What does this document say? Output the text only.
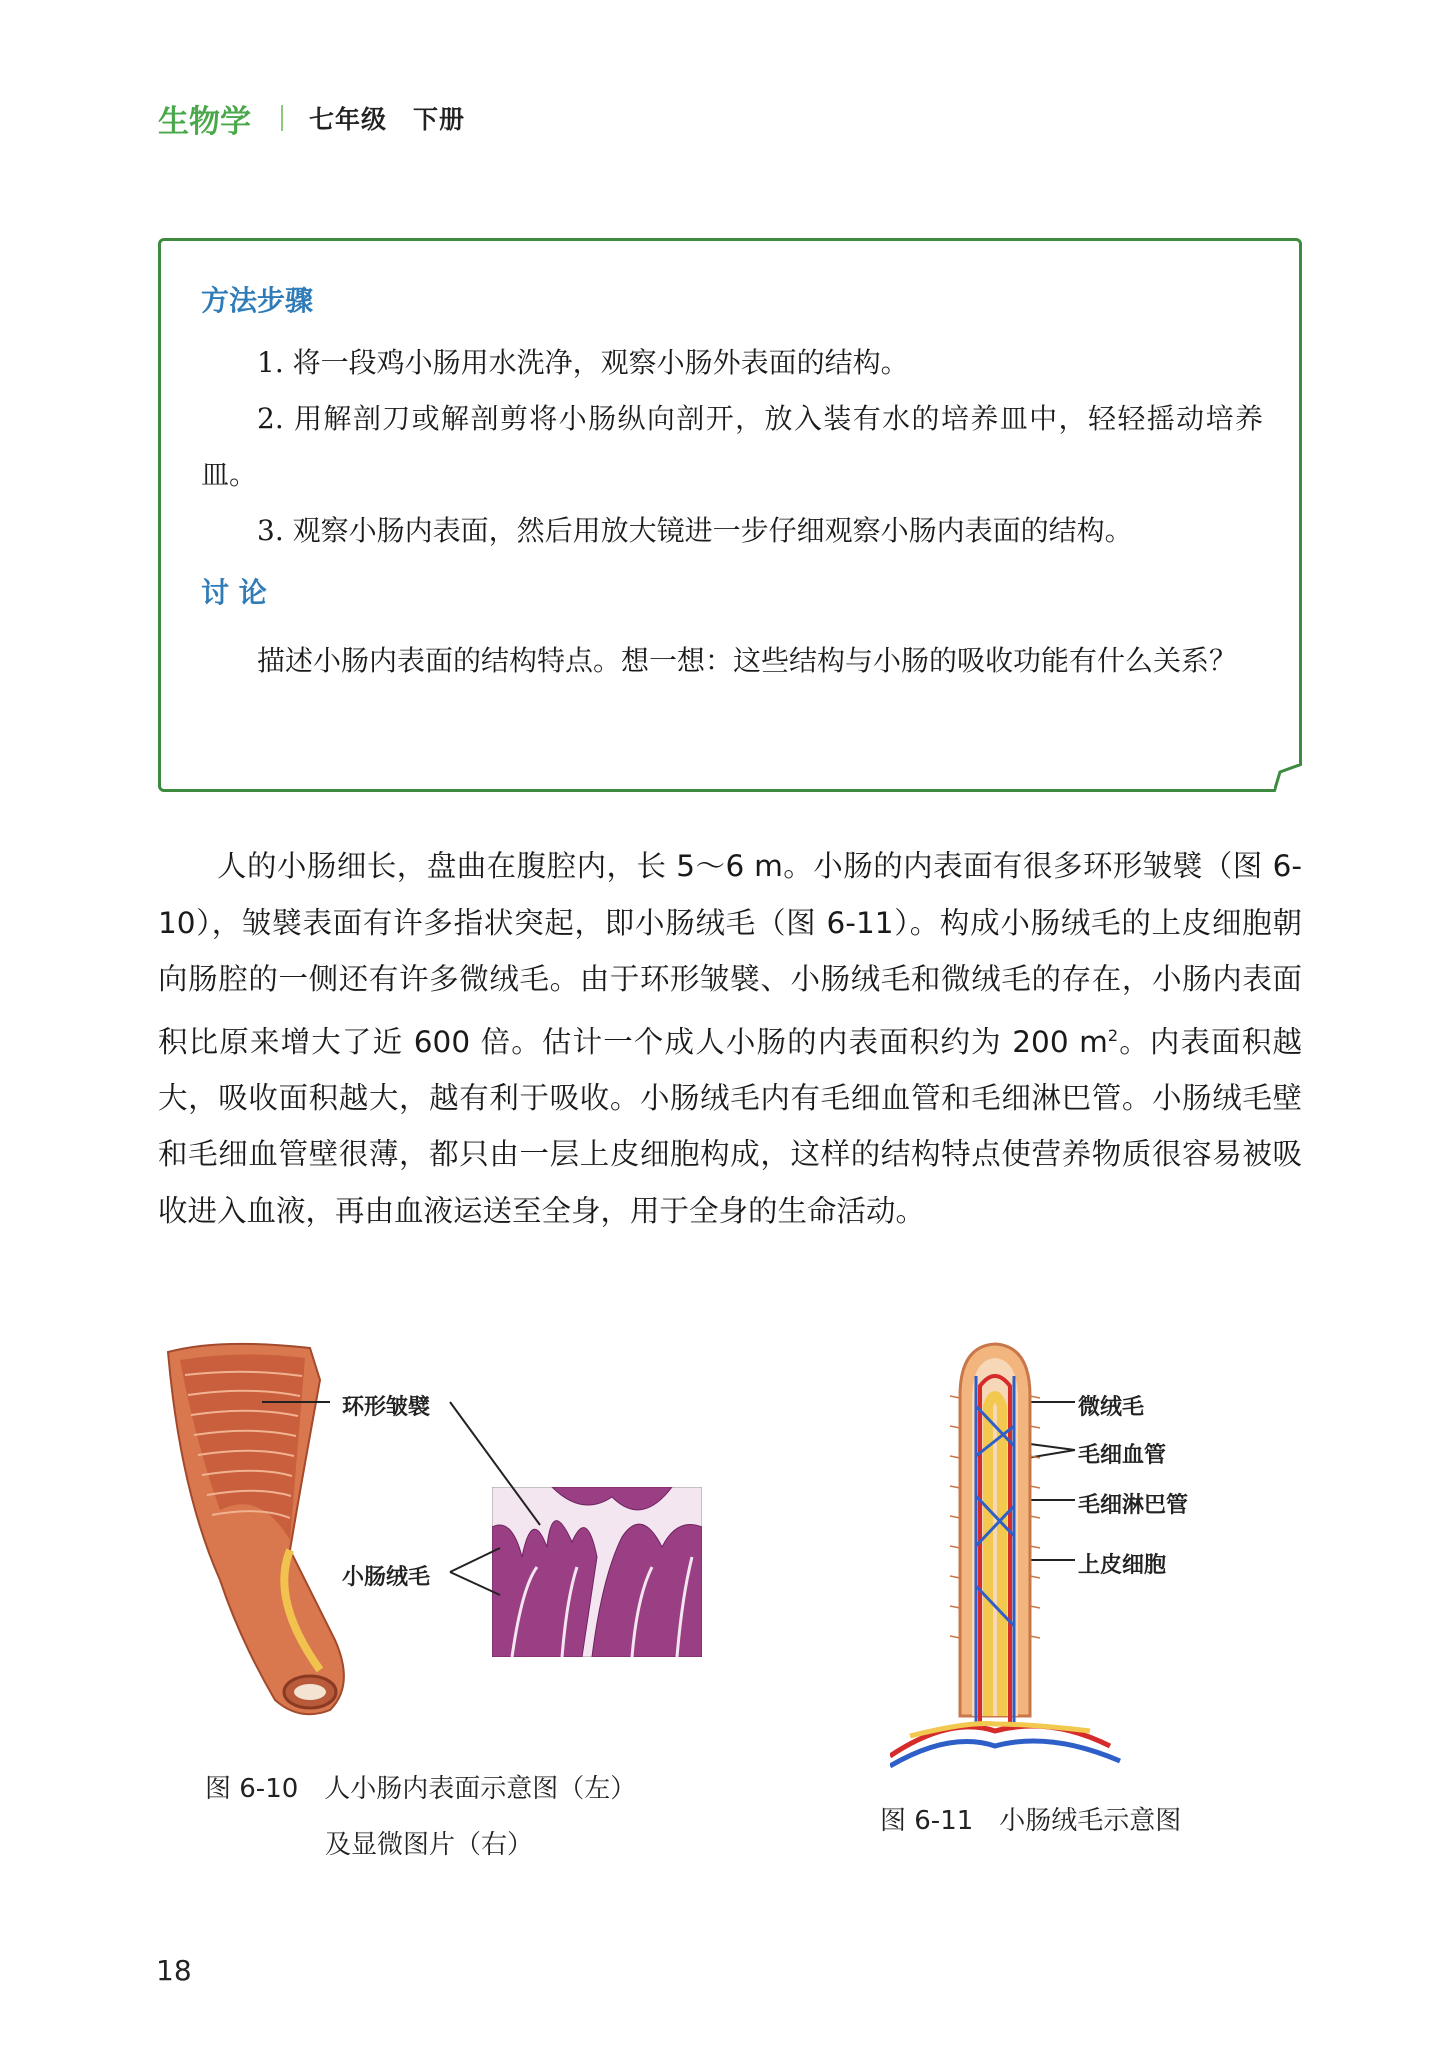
生物学 七年级　下册
方法步骤
1. 将一段鸡小肠用水洗净，观察小肠外表面的结构。
2. 用解剖刀或解剖剪将小肠纵向剖开，放入装有水的培养皿中，轻轻摇动培养皿。
3. 观察小肠内表面，然后用放大镜进一步仔细观察小肠内表面的结构。
讨 论
描述小肠内表面的结构特点。想一想：这些结构与小肠的吸收功能有什么关系？
人的小肠细长，盘曲在腹腔内，长 5～6 m。小肠的内表面有很多环形皱襞（图 6-10），皱襞表面有许多指状突起，即小肠绒毛（图 6-11）。构成小肠绒毛的上皮细胞朝向肠腔的一侧还有许多微绒毛。由于环形皱襞、小肠绒毛和微绒毛的存在，小肠内表面积比原来增大了近 600 倍。估计一个成人小肠的内表面积约为 200 $m^2$。内表面积越大，吸收面积越大，越有利于吸收。小肠绒毛内有毛细血管和毛细淋巴管。小肠绒毛壁和毛细血管壁很薄，都只由一层上皮细胞构成，这样的结构特点使营养物质很容易被吸收进入血液，再由血液运送至全身，用于全身的生命活动。
环形皱襞
小肠绒毛
图 6-10　人小肠内表面示意图（左）
及显微图片（右）
微绒毛
毛细血管
毛细淋巴管
上皮细胞
图 6-11　小肠绒毛示意图
18
